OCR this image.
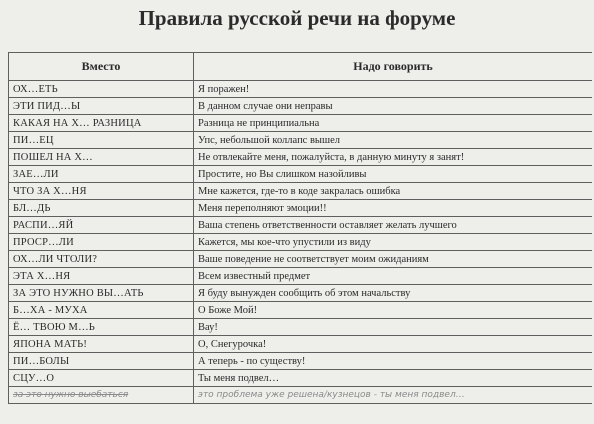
Правила русской речи на форуме
Вместо	Надо говорить
ОХ…ЕТЬ	Я поражен!
ЭТИ ПИД…Ы	В данном случае они неправы
КАКАЯ НА Х… РАЗНИЦА	Разница не принципиальна
ПИ…ЕЦ	Упс, небольшой коллапс вышел
ПОШЕЛ НА Х…	Не отвлекайте меня, пожалуйста, в данную минуту я занят!
ЗАЕ…ЛИ	Простите, но Вы слишком назойливы
ЧТО ЗА Х…НЯ	Мне кажется, где-то в коде закралась ошибка
БЛ…ДЬ	Меня переполняют эмоции!!
РАСПИ…ЯЙ	Ваша степень ответственности оставляет желать лучшего
ПРОСР…ЛИ	Кажется, мы кое-что упустили из виду
ОХ…ЛИ ЧТОЛИ?	Ваше поведение не соответствует моим ожиданиям
ЭТА Х…НЯ	Всем известный предмет
ЗА ЭТО НУЖНО ВЫ…АТЬ	Я буду вынужден сообщить об этом начальству
Б…ХА - МУХА	О Боже Мой!
Ё… ТВОЮ М…Ь	Вау!
ЯПОНА МАТЬ!	О, Снегурочка!
ПИ…БОЛЫ	А теперь - по существу!
СЦУ…О	Ты меня подвел…
за это нужно выебаться	это проблема уже решена/кузнецов - ты меня подвел…
